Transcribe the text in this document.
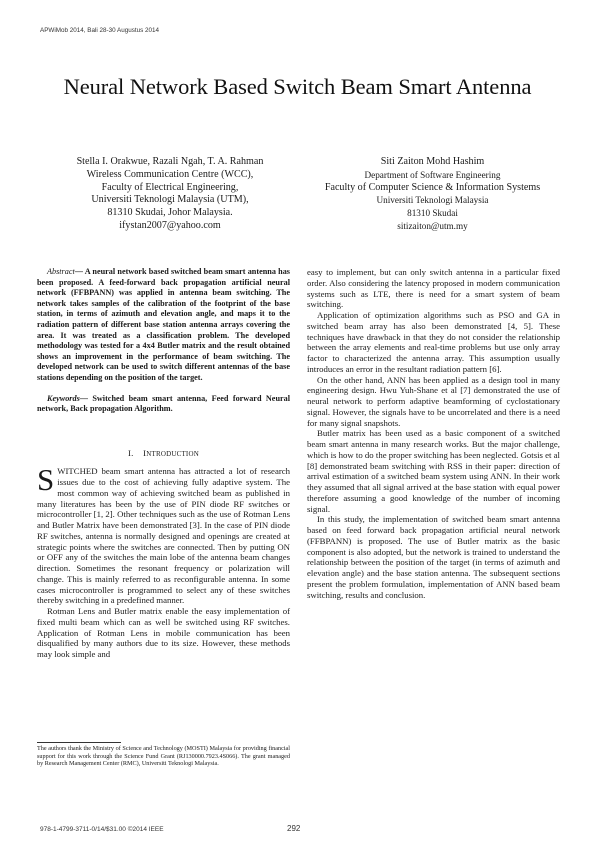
APWiMob 2014, Bali 28-30 Augustus 2014
Neural Network Based Switch Beam Smart Antenna
Stella I. Orakwue, Razali Ngah, T. A. Rahman
Wireless Communication Centre (WCC),
Faculty of Electrical Engineering,
Universiti Teknologi Malaysia (UTM),
81310 Skudai, Johor Malaysia.
ifystan2007@yahoo.com
Siti Zaiton Mohd Hashim
Department of Software Engineering
Faculty of Computer Science & Information Systems
Universiti Teknologi Malaysia
81310 Skudai
sitizaiton@utm.my

Abstract— A neural network based switched beam smart antenna has been proposed. A feed-forward back propagation artificial neural network (FFBPANN) was applied in antenna beam switching. The network takes samples of the calibration of the footprint of the base station, in terms of azimuth and elevation angle, and maps it to the radiation pattern of different base station antenna arrays covering the area. It was treated as a classification problem. The developed methodology was tested for a 4x4 Butler matrix and the result obtained shows an improvement in the performance of beam switching. The developed network can be used to switch different antennas of the base stations depending on the position of the target.

Keywords— Switched beam smart antenna, Feed forward Neural network, Back propagation Algorithm.

I. INTRODUCTION

SWITCHED beam smart antenna has attracted a lot of research issues due to the cost of achieving fully adaptive system. The most common way of achieving switched beam as published in many literatures has been by the use of PIN diode RF switches or microcontroller [1, 2]. Other techniques such as the use of Rotman Lens and Butler Matrix have been demonstrated [3]. In the case of PIN diode RF switches, antenna is normally designed and openings are created at strategic points where the switches are connected. Then by putting ON or OFF any of the switches the main lobe of the antenna beam changes direction. Sometimes the resonant frequency or polarization will change. This is mainly referred to as reconfigurable antenna. In some cases microcontroller is programmed to select any of these switches thereby switching in a predefined manner.

Rotman Lens and Butler matrix enable the easy implementation of fixed multi beam which can as well be switched using RF switches. Application of Rotman Lens in mobile communication has been disqualified by many authors due to its size. However, these methods may look simple and

The authors thank the Ministry of Science and Technology (MOSTI) Malaysia for providing financial support for this work through the Science Fund Grant (RJ130000.7923.4S066). The grant managed by Research Management Center (RMC), Universiti Teknologi Malaysia.

easy to implement, but can only switch antenna in a particular fixed order. Also considering the latency proposed in modern communication systems such as LTE, there is need for a smart system of beam switching.

Application of optimization algorithms such as PSO and GA in switched beam array has also been demonstrated [4, 5]. These techniques have drawback in that they do not consider the relationship between the array elements and real-time problems but use only array factor to characterized the antenna array. This assumption usually introduces an error in the resultant radiation pattern [6].

On the other hand, ANN has been applied as a design tool in many engineering design. Hwu Yuh-Shane et al [7] demonstrated the use of neural network to perform adaptive beamforming of cyclostationary signal. However, the signals have to be uncorrelated and there is a need for many signal snapshots.

Butler matrix has been used as a basic component of a switched beam smart antenna in many research works. But the major challenge, which is how to do the proper switching has been neglected. Gotsis et al [8] demonstrated beam switching with RSS in their paper: direction of arrival estimation of a switched beam system using ANN. In their work they assumed that all signal arrived at the base station with equal power therefore assuming a good knowledge of the number of incoming signal.

In this study, the implementation of switched beam smart antenna based on feed forward back propagation artificial neural network (FFBPANN) is proposed. The use of Butler matrix as the basic component is also adopted, but the network is trained to understand the relationship between the position of the target (in terms of azimuth and elevation angle) and the base station antenna. The subsequent sections present the problem formulation, implementation of ANN based beam switching, results and conclusion.

978-1-4799-3711-0/14/$31.00 ©2014 IEEE	292
